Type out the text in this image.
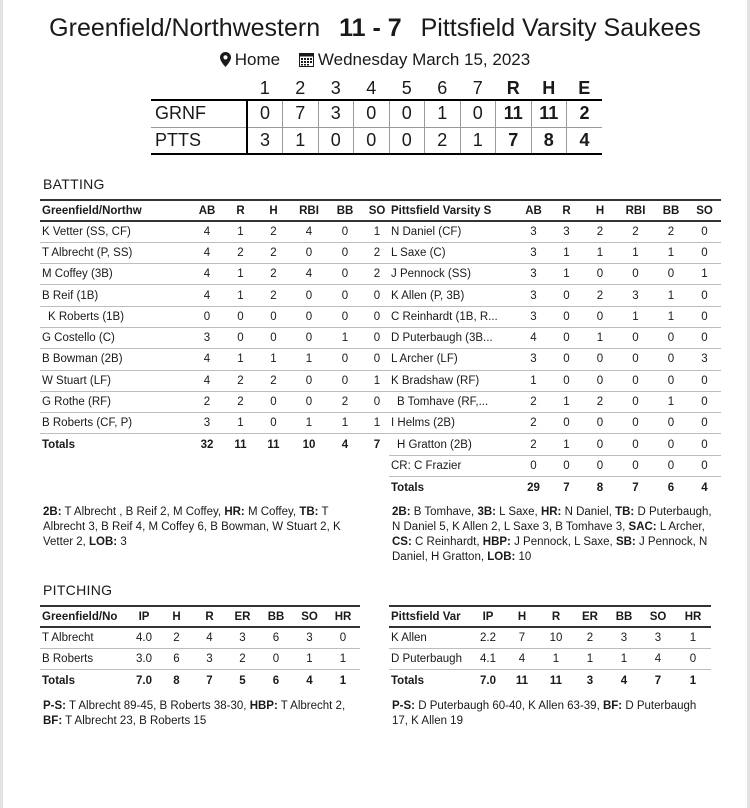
Greenfield/Northwestern 11 - 7 Pittsfield Varsity Saukees
Home Wednesday March 15, 2023
	1	2	3	4	5	6	7	R	H	E
GRNF	0	7	3	0	0	1	0	11	11	2
PTTS	3	1	0	0	0	2	1	7	8	4
BATTING
Greenfield/Northw	AB	R	H	RBI	BB	SO
K Vetter (SS, CF)	4	1	2	4	0	1
T Albrecht (P, SS)	4	2	2	0	0	2
M Coffey (3B)	4	1	2	4	0	2
B Reif (1B)	4	1	2	0	0	0
K Roberts (1B)	0	0	0	0	0	0
G Costello (C)	3	0	0	0	1	0
B Bowman (2B)	4	1	1	1	0	0
W Stuart (LF)	4	2	2	0	0	1
G Rothe (RF)	2	2	0	0	2	0
B Roberts (CF, P)	3	1	0	1	1	1
Totals	32	11	11	10	4	7
Pittsfield Varsity S	AB	R	H	RBI	BB	SO
N Daniel (CF)	3	3	2	2	2	0
L Saxe (C)	3	1	1	1	1	0
J Pennock (SS)	3	1	0	0	0	1
K Allen (P, 3B)	3	0	2	3	1	0
C Reinhardt (1B, R...	3	0	0	1	1	0
D Puterbaugh (3B...	4	0	1	0	0	0
L Archer (LF)	3	0	0	0	0	3
K Bradshaw (RF)	1	0	0	0	0	0
B Tomhave (RF,...	2	1	2	0	1	0
I Helms (2B)	2	0	0	0	0	0
H Gratton (2B)	2	1	0	0	0	0
CR: C Frazier	0	0	0	0	0	0
Totals	29	7	8	7	6	4
2B: T Albrecht , B Reif 2, M Coffey, HR: M Coffey, TB: T Albrecht 3, B Reif 4, M Coffey 6, B Bowman, W Stuart 2, K Vetter 2, LOB: 3
2B: B Tomhave, 3B: L Saxe, HR: N Daniel, TB: D Puterbaugh, N Daniel 5, K Allen 2, L Saxe 3, B Tomhave 3, SAC: L Archer, CS: C Reinhardt, HBP: J Pennock, L Saxe, SB: J Pennock, N Daniel, H Gratton, LOB: 10
PITCHING
Greenfield/No	IP	H	R	ER	BB	SO	HR
T Albrecht	4.0	2	4	3	6	3	0
B Roberts	3.0	6	3	2	0	1	1
Totals	7.0	8	7	5	6	4	1
Pittsfield Var	IP	H	R	ER	BB	SO	HR
K Allen	2.2	7	10	2	3	3	1
D Puterbaugh	4.1	4	1	1	1	4	0
Totals	7.0	11	11	3	4	7	1
P-S: T Albrecht 89-45, B Roberts 38-30, HBP: T Albrecht 2, BF: T Albrecht 23, B Roberts 15
P-S: D Puterbaugh 60-40, K Allen 63-39, BF: D Puterbaugh 17, K Allen 19
